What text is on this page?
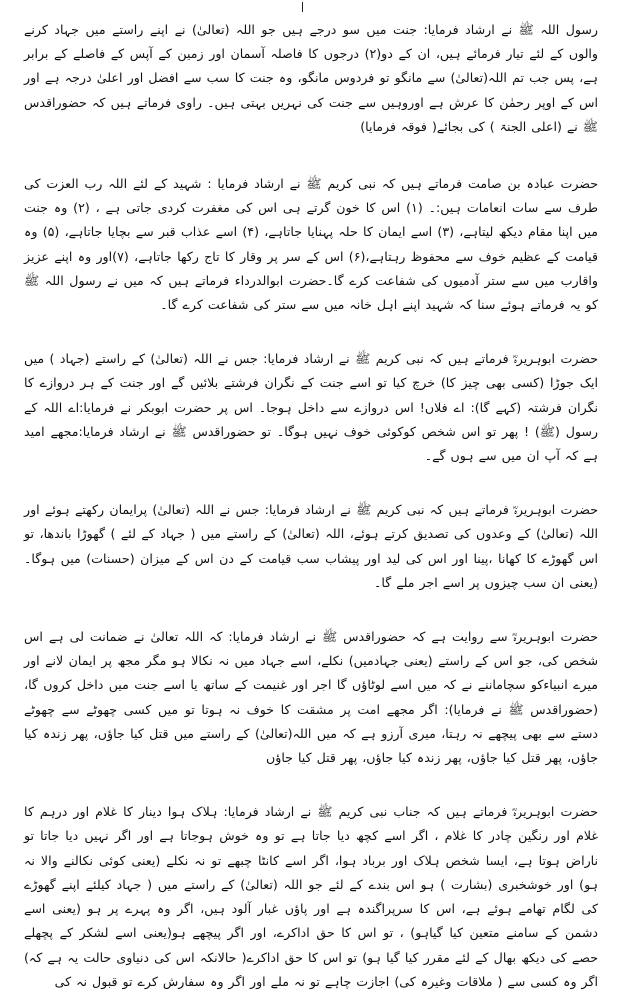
رسول اللہ ﷺ نے ارشاد فرمایا: جنت میں سو درجے ہیں جو اللہ (تعالیٰ) نے اپنے راستے میں جہاد کرنے والوں کے لئے تیار فرمائے ہیں، ان کے دو(۲) درجوں کا فاصلہ آسمان اور زمین کے آپس کے فاصلے کے برابر ہے، پس جب تم اللہ(تعالیٰ) سے مانگو تو فردوس مانگو، وہ جنت کا سب سے افضل اور اعلیٰ درجہ ہے اور اس کے اوپر رحمٰن کا عرش ہے اوروہیں سے جنت کی نہریں بہتی ہیں۔ راوی فرماتے ہیں کہ حضوراقدس ﷺ نے (اعلی الجنۃ ) کی بجائے( فوقہ فرمایا)

حضرت عبادہ بن صامت فرماتے ہیں کہ نبی کریم ﷺ نے ارشاد فرمایا : شہید کے لئے اللہ رب العزت کی طرف سے سات انعامات ہیں:۔ (۱) اس کا خون گرتے ہی اس کی مغفرت کردی جاتی ہے ، (۲) وہ جنت میں اپنا مقام دیکھ لیتاہے، (۳) اسے ایمان کا حلہ پہنایا جاتاہے، (۴) اسے عذاب قبر سے بچایا جاتاہے، (۵) وہ قیامت کے عظیم خوف سے محفوظ رہتاہے،(۶) اس کے سر پر وقار کا تاج رکھا جاتاہے، (۷)اور وہ اپنے عزیز واقارب میں سے ستر آدمیوں کی شفاعت کرے گا۔حضرت ابوالدرداء فرماتے ہیں کہ میں نے رسول اللہ ﷺ کو یہ فرماتے ہوئے سنا کہ شہید اپنے اہل خانہ میں سے ستر کی شفاعت کرے گا۔

حضرت ابوہریرہؓ فرماتے ہیں کہ نبی کریم ﷺ نے ارشاد فرمایا: جس نے اللہ (تعالیٰ) کے راستے (جہاد ) میں ایک جوڑا (کسی بھی چیز کا) خرچ کیا تو اسے جنت کے نگران فرشتے بلائیں گے اور جنت کے ہر دروازے کا نگران فرشتہ (کہے گا): اے فلاں! اس دروازے سے داخل ہوجا۔ اس پر حضرت ابوبکر نے فرمایا:اے اللہ کے رسول (ﷺ) ! پھر تو اس شخص کوکوئی خوف نہیں ہوگا۔ تو حضوراقدس ﷺ نے ارشاد فرمایا:مجھے امید ہے کہ آپ ان میں سے ہوں گے۔

حضرت ابوہریرہؓ فرماتے ہیں کہ نبی کریم ﷺ نے ارشاد فرمایا: جس نے اللہ (تعالیٰ) پرایمان رکھتے ہوئے اور اللہ (تعالیٰ) کے وعدوں کی تصدیق کرتے ہوئے، اللہ (تعالیٰ) کے راستے میں ( جہاد کے لئے ) گھوڑا باندھا، تو اس گھوڑے کا کھانا ،پینا اور اس کی لید اور پیشاب سب قیامت کے دن اس کے میزان (حسنات) میں ہوگا۔ (یعنی ان سب چیزوں پر اسے اجر ملے گا۔

حضرت ابوہریرہؓ سے روایت ہے کہ حضوراقدس ﷺ نے ارشاد فرمایا: کہ اللہ تعالیٰ نے ضمانت لی ہے اس شخص کی، جو اس کے راستے (یعنی جہادمیں) نکلے، اسے جہاد میں نہ نکالا ہو مگر مجھ پر ایمان لانے اور میرے انبیاءکو سچاماننے نے کہ میں اسے لوٹاؤں گا اجر اور غنیمت کے ساتھ یا اسے جنت میں داخل کروں گا، (حضوراقدس ﷺ نے فرمایا): اگر مجھے امت پر مشقت کا خوف نہ ہوتا تو میں کسی چھوٹے سے چھوٹے دستے سے بھی پیچھے نہ رہتا، میری آرزو ہے کہ میں اللہ(تعالیٰ) کے راستے میں قتل کیا جاؤں، پھر زندہ کیا جاؤں، پھر قتل کیا جاؤں، پھر زندہ کیا جاؤں، پھر قتل کیا جاؤں

حضرت ابوہریرہؓ فرماتے ہیں کہ جناب نبی کریم ﷺ نے ارشاد فرمایا: ہلاک ہوا دینار کا غلام اور درہم کا غلام اور رنگین چادر کا غلام ، اگر اسے کچھ دیا جاتا ہے تو وہ خوش ہوجاتا ہے اور اگر نہیں دیا جاتا تو ناراض ہوتا ہے، ایسا شخص ہلاک اور برباد ہوا، اگر اسے کانٹا چبھے تو نہ نکلے (یعنی کوئی نکالنے والا نہ ہو) اور خوشخبری (بشارت ) ہو اس بندے کے لئے جو اللہ (تعالیٰ) کے راستے میں ( جہاد کیلئے اپنے گھوڑے کی لگام تھامے ہوئے ہے، اس کا سرپراگندہ ہے اور پاؤں غبار آلود ہیں، اگر وہ پہرے پر ہو (یعنی اسے دشمن کے سامنے متعین کیا گیاہو) ، تو اس کا حق اداکرے، اور اگر پیچھے ہو(یعنی اسے لشکر کے پچھلے حصے کی دیکھ بھال کے لئے مقرر کیا گیا ہو) تو اس کا حق اداکرے( حالانکہ اس کی دنیاوی حالت یہ ہے کہ) اگر وہ کسی سے ( ملاقات وغیرہ کی) اجازت چاہے تو نہ ملے اور اگر وہ سفارش کرے تو قبول نہ کی
